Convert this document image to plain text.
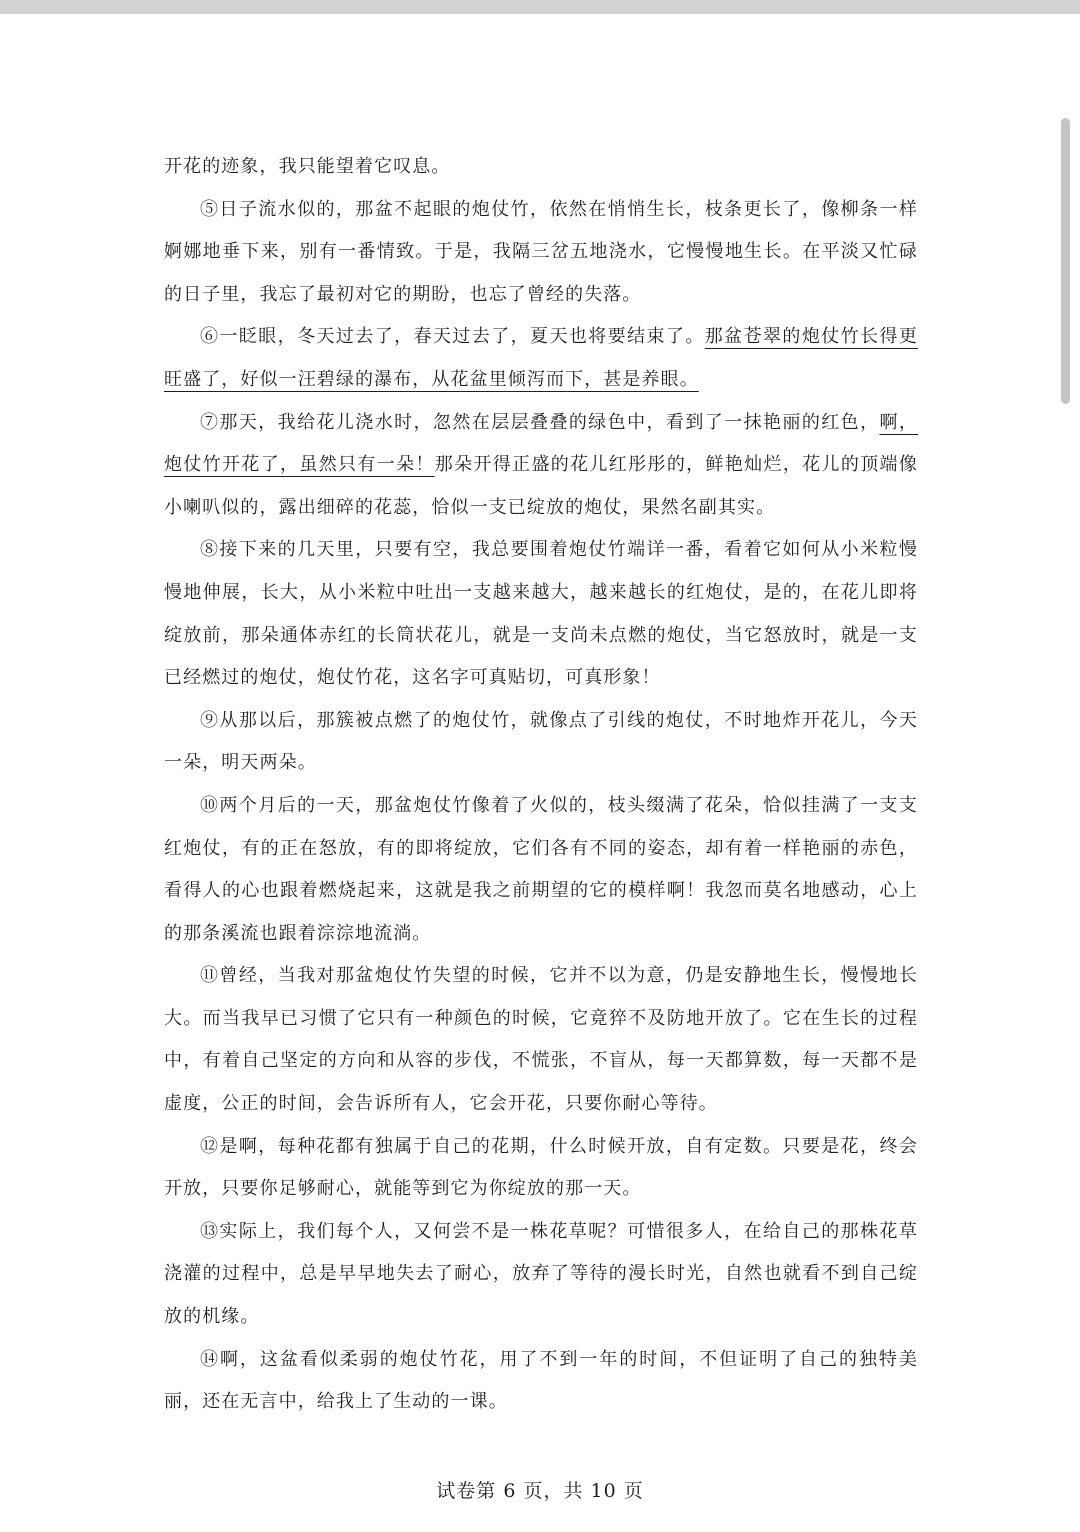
开花的迹象，我只能望着它叹息。

⑤日子流水似的，那盆不起眼的炮仗竹，依然在悄悄生长，枝条更长了，像柳条一样婀娜地垂下来，别有一番情致。于是，我隔三岔五地浇水，它慢慢地生长。在平淡又忙碌的日子里，我忘了最初对它的期盼，也忘了曾经的失落。

⑥一眨眼，冬天过去了，春天过去了，夏天也将要结束了。那盆苍翠的炮仗竹长得更旺盛了，好似一汪碧绿的瀑布，从花盆里倾泻而下，甚是养眼。

⑦那天，我给花儿浇水时，忽然在层层叠叠的绿色中，看到了一抹艳丽的红色，啊，炮仗竹开花了，虽然只有一朵！那朵开得正盛的花儿红彤彤的，鲜艳灿烂，花儿的顶端像小喇叭似的，露出细碎的花蕊，恰似一支已绽放的炮仗，果然名副其实。

⑧接下来的几天里，只要有空，我总要围着炮仗竹端详一番，看着它如何从小米粒慢慢地伸展，长大，从小米粒中吐出一支越来越大，越来越长的红炮仗，是的，在花儿即将绽放前，那朵通体赤红的长筒状花儿，就是一支尚未点燃的炮仗，当它怒放时，就是一支已经燃过的炮仗，炮仗竹花，这名字可真贴切，可真形象！

⑨从那以后，那簇被点燃了的炮仗竹，就像点了引线的炮仗，不时地炸开花儿，今天一朵，明天两朵。

⑩两个月后的一天，那盆炮仗竹像着了火似的，枝头缀满了花朵，恰似挂满了一支支红炮仗，有的正在怒放，有的即将绽放，它们各有不同的姿态，却有着一样艳丽的赤色，看得人的心也跟着燃烧起来，这就是我之前期望的它的模样啊！我忽而莫名地感动，心上的那条溪流也跟着淙淙地流淌。

⑪曾经，当我对那盆炮仗竹失望的时候，它并不以为意，仍是安静地生长，慢慢地长大。而当我早已习惯了它只有一种颜色的时候，它竟猝不及防地开放了。它在生长的过程中，有着自己坚定的方向和从容的步伐，不慌张，不盲从，每一天都算数，每一天都不是虚度，公正的时间，会告诉所有人，它会开花，只要你耐心等待。

⑫是啊，每种花都有独属于自己的花期，什么时候开放，自有定数。只要是花，终会开放，只要你足够耐心，就能等到它为你绽放的那一天。

⑬实际上，我们每个人，又何尝不是一株花草呢？可惜很多人，在给自己的那株花草浇灌的过程中，总是早早地失去了耐心，放弃了等待的漫长时光，自然也就看不到自己绽放的机缘。

⑭啊，这盆看似柔弱的炮仗竹花，用了不到一年的时间，不但证明了自己的独特美丽，还在无言中，给我上了生动的一课。

试卷第 6 页，共 10 页
